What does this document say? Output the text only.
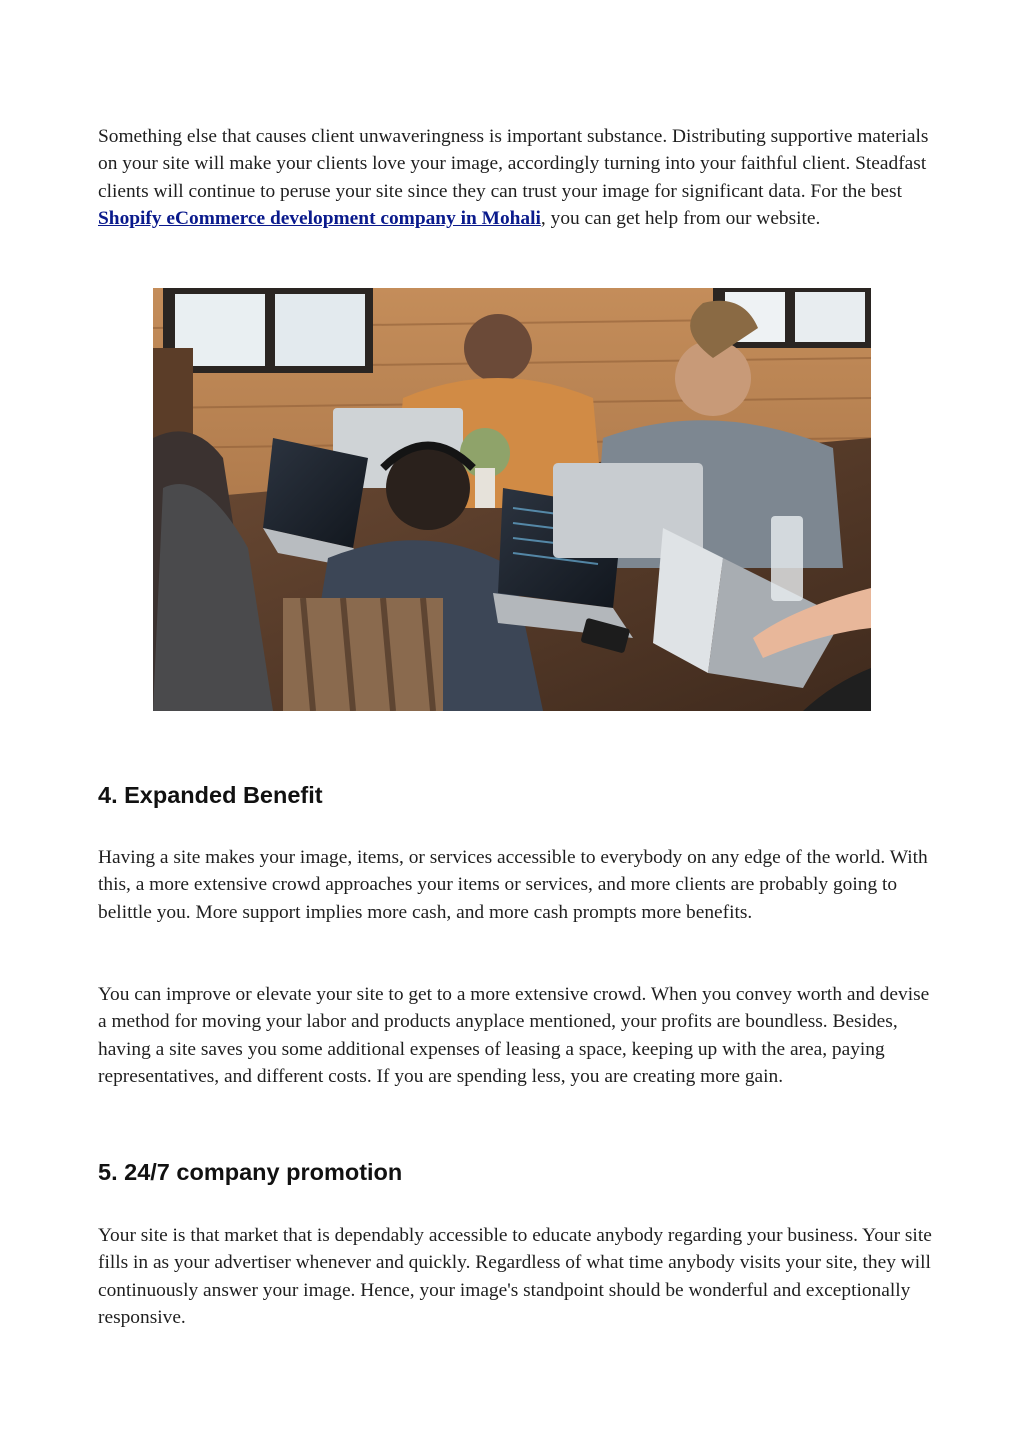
Something else that causes client unwaveringness is important substance. Distributing supportive materials on your site will make your clients love your image, accordingly turning into your faithful client. Steadfast clients will continue to peruse your site since they can trust your image for significant data. For the best Shopify eCommerce development company in Mohali, you can get help from our website.

4. Expanded Benefit

Having a site makes your image, items, or services accessible to everybody on any edge of the world. With this, a more extensive crowd approaches your items or services, and more clients are probably going to belittle you. More support implies more cash, and more cash prompts more benefits.

You can improve or elevate your site to get to a more extensive crowd. When you convey worth and devise a method for moving your labor and products anyplace mentioned, your profits are boundless. Besides, having a site saves you some additional expenses of leasing a space, keeping up with the area, paying representatives, and different costs. If you are spending less, you are creating more gain.

5. 24/7 company promotion

Your site is that market that is dependably accessible to educate anybody regarding your business. Your site fills in as your advertiser whenever and quickly. Regardless of what time anybody visits your site, they will continuously answer your image. Hence, your image's standpoint should be wonderful and exceptionally responsive.
